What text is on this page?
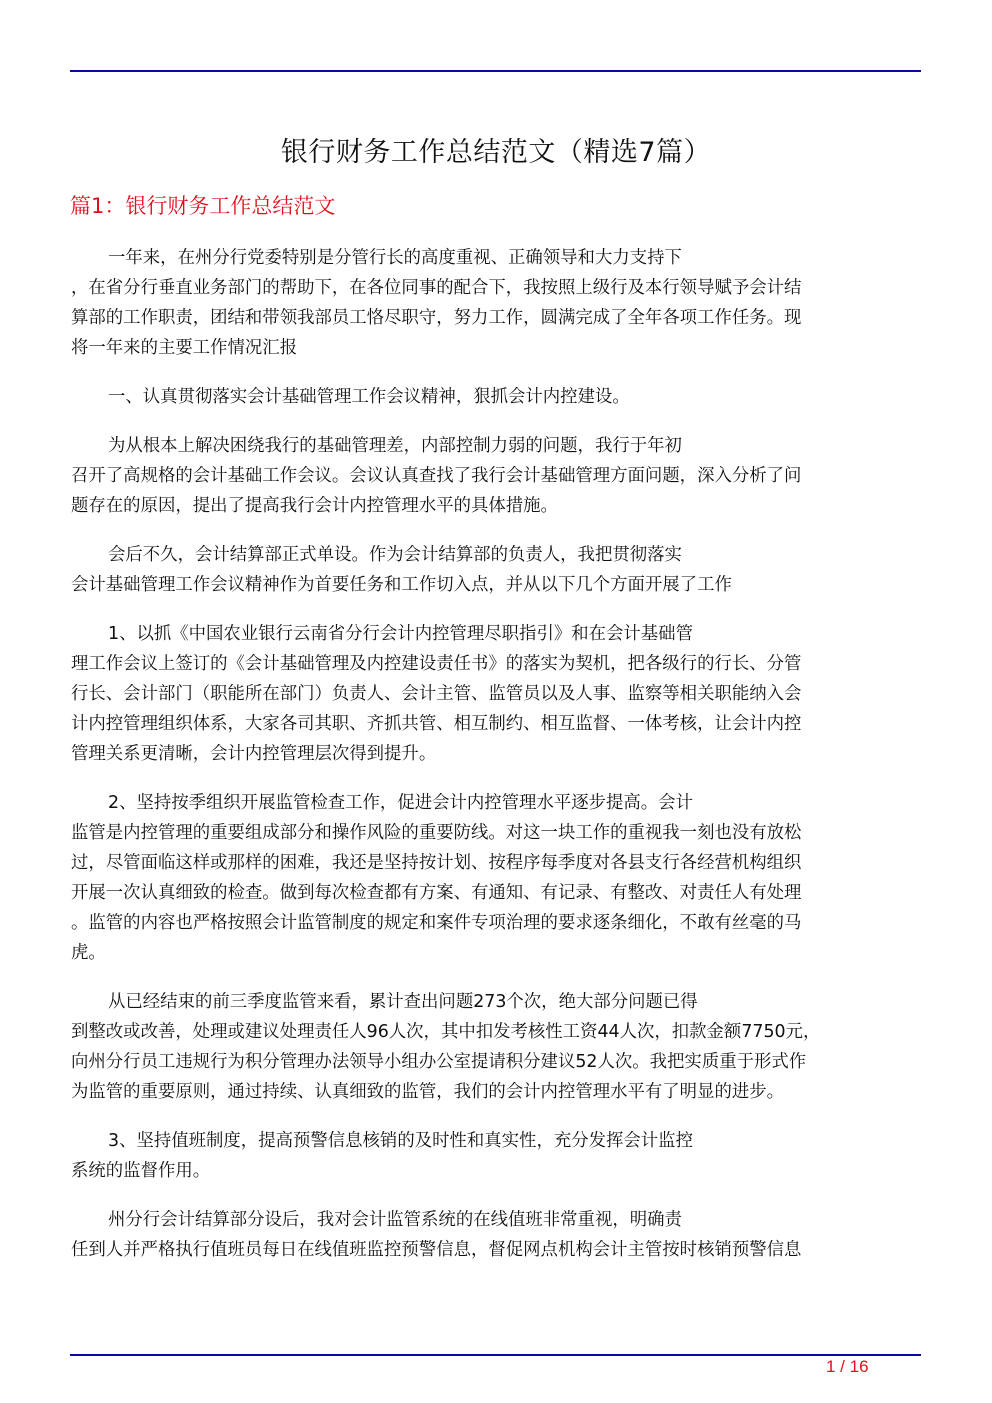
银行财务工作总结范文（精选7篇）
篇1：银行财务工作总结范文

一年来，在州分行党委特别是分管行长的高度重视、正确领导和大力支持下
，在省分行垂直业务部门的帮助下，在各位同事的配合下，我按照上级行及本行领导赋予会计结
算部的工作职责，团结和带领我部员工恪尽职守，努力工作，圆满完成了全年各项工作任务。现
将一年来的主要工作情况汇报

一、认真贯彻落实会计基础管理工作会议精神，狠抓会计内控建设。

为从根本上解决困绕我行的基础管理差，内部控制力弱的问题，我行于年初
召开了高规格的会计基础工作会议。会议认真查找了我行会计基础管理方面问题，深入分析了问
题存在的原因，提出了提高我行会计内控管理水平的具体措施。

会后不久，会计结算部正式单设。作为会计结算部的负责人，我把贯彻落实
会计基础管理工作会议精神作为首要任务和工作切入点，并从以下几个方面开展了工作

1、以抓《中国农业银行云南省分行会计内控管理尽职指引》和在会计基础管
理工作会议上签订的《会计基础管理及内控建设责任书》的落实为契机，把各级行的行长、分管
行长、会计部门（职能所在部门）负责人、会计主管、监管员以及人事、监察等相关职能纳入会
计内控管理组织体系，大家各司其职、齐抓共管、相互制约、相互监督、一体考核，让会计内控
管理关系更清晰，会计内控管理层次得到提升。

2、坚持按季组织开展监管检查工作，促进会计内控管理水平逐步提高。会计
监管是内控管理的重要组成部分和操作风险的重要防线。对这一块工作的重视我一刻也没有放松
过，尽管面临这样或那样的困难，我还是坚持按计划、按程序每季度对各县支行各经营机构组织
开展一次认真细致的检查。做到每次检查都有方案、有通知、有记录、有整改、对责任人有处理
。监管的内容也严格按照会计监管制度的规定和案件专项治理的要求逐条细化，不敢有丝毫的马
虎。

从已经结束的前三季度监管来看，累计查出问题273个次，绝大部分问题已得
到整改或改善，处理或建议处理责任人96人次，其中扣发考核性工资44人次，扣款金额7750元，
向州分行员工违规行为积分管理办法领导小组办公室提请积分建议52人次。我把实质重于形式作
为监管的重要原则，通过持续、认真细致的监管，我们的会计内控管理水平有了明显的进步。

3、坚持值班制度，提高预警信息核销的及时性和真实性，充分发挥会计监控
系统的监督作用。

州分行会计结算部分设后，我对会计监管系统的在线值班非常重视，明确责
任到人并严格执行值班员每日在线值班监控预警信息，督促网点机构会计主管按时核销预警信息

1 / 16
